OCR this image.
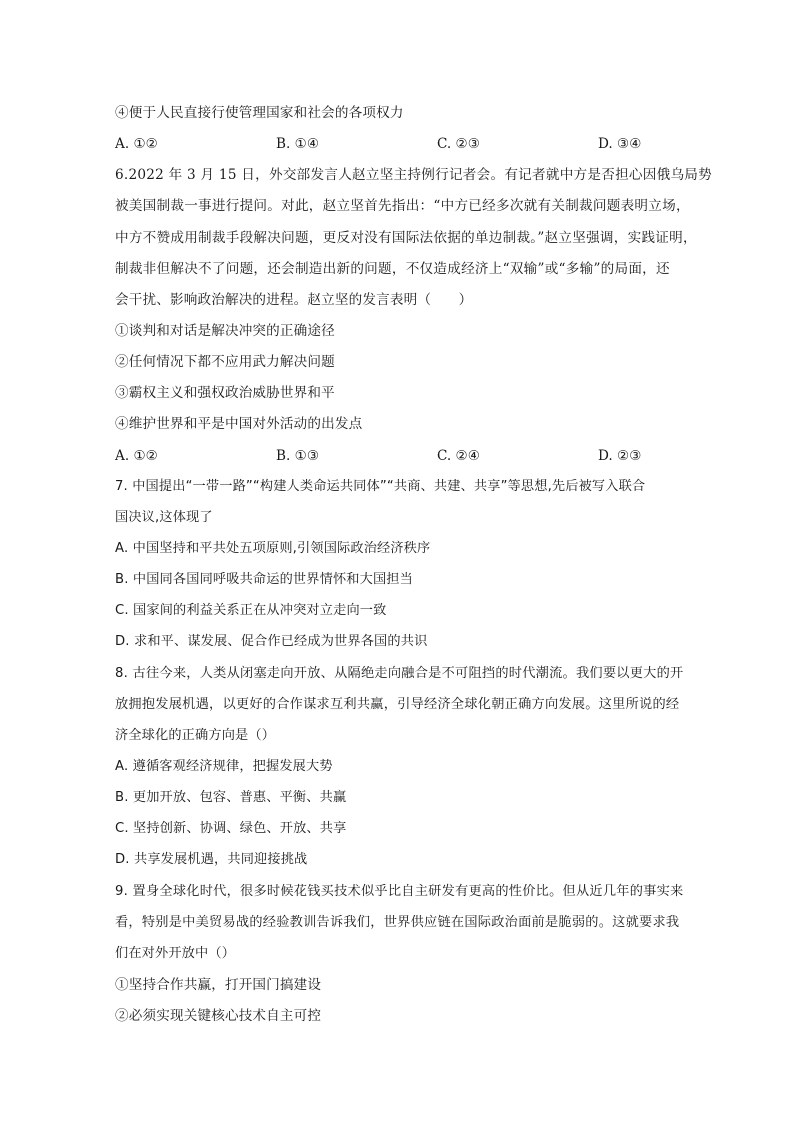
④便于人民直接行使管理国家和社会的各项权力
A. ①②	B. ①④	C. ②③	D. ③④
6.2022 年 3 月 15 日，外交部发言人赵立坚主持例行记者会。有记者就中方是否担心因俄乌局势
被美国制裁一事进行提问。对此，赵立坚首先指出：“中方已经多次就有关制裁问题表明立场，
中方不赞成用制裁手段解决问题，更反对没有国际法依据的单边制裁。”赵立坚强调，实践证明，
制裁非但解决不了问题，还会制造出新的问题，不仅造成经济上“双输”或“多输”的局面，还
会干扰、影响政治解决的进程。赵立坚的发言表明（　　）
①谈判和对话是解决冲突的正确途径
②任何情况下都不应用武力解决问题
③霸权主义和强权政治威胁世界和平
④维护世界和平是中国对外活动的出发点
A. ①②	B. ①③	C. ②④	D. ②③
7. 中国提出“一带一路”“构建人类命运共同体”“共商、共建、共享”等思想,先后被写入联合
国决议,这体现了
A. 中国坚持和平共处五项原则,引领国际政治经济秩序
B. 中国同各国同呼吸共命运的世界情怀和大国担当
C. 国家间的利益关系正在从冲突对立走向一致
D. 求和平、谋发展、促合作已经成为世界各国的共识
8. 古往今来，人类从闭塞走向开放、从隔绝走向融合是不可阻挡的时代潮流。我们要以更大的开
放拥抱发展机遇，以更好的合作谋求互利共赢，引导经济全球化朝正确方向发展。这里所说的经
济全球化的正确方向是（）
A. 遵循客观经济规律，把握发展大势
B. 更加开放、包容、普惠、平衡、共赢
C. 坚持创新、协调、绿色、开放、共享
D. 共享发展机遇，共同迎接挑战
9. 置身全球化时代，很多时候花钱买技术似乎比自主研发有更高的性价比。但从近几年的事实来
看，特别是中美贸易战的经验教训告诉我们，世界供应链在国际政治面前是脆弱的。这就要求我
们在对外开放中（）
①坚持合作共赢，打开国门搞建设
②必须实现关键核心技术自主可控
